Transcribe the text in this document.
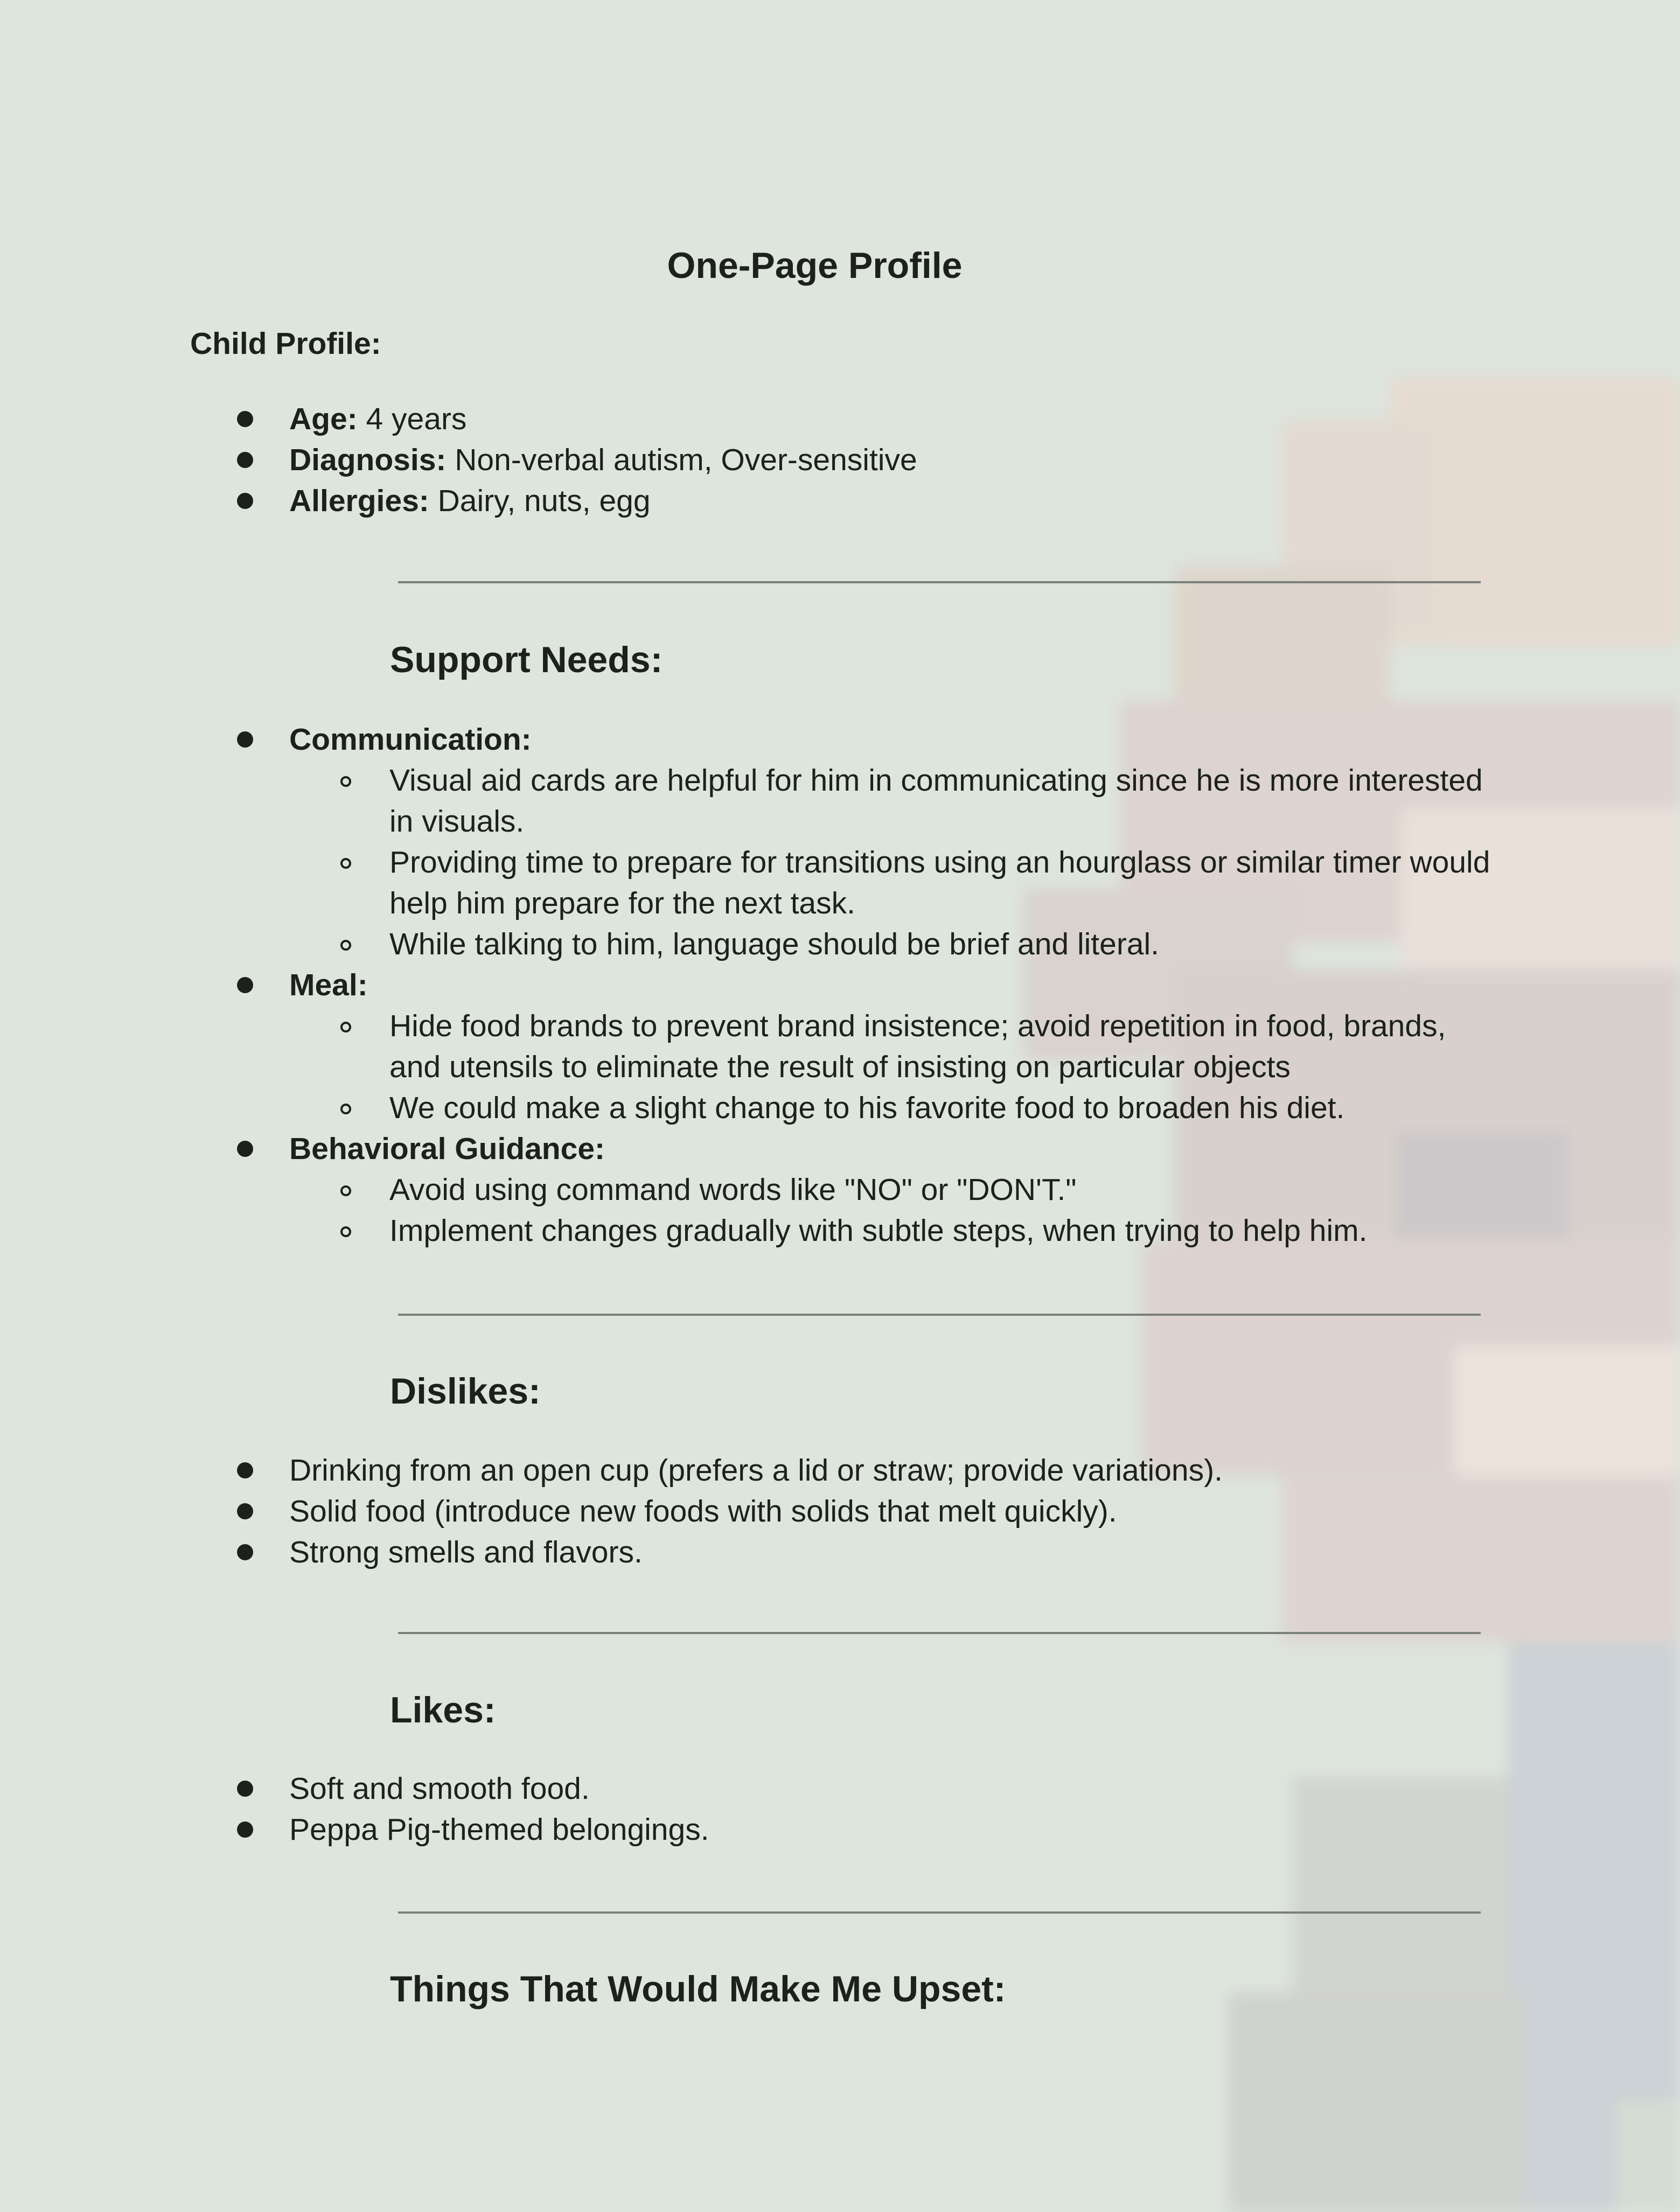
One-Page Profile
Child Profile:
Age: 4 years
Diagnosis: Non-verbal autism, Over-sensitive
Allergies: Dairy, nuts, egg
Support Needs:
Communication:
Visual aid cards are helpful for him in communicating since he is more interested in visuals.
Providing time to prepare for transitions using an hourglass or similar timer would help him prepare for the next task.
While talking to him, language should be brief and literal.
Meal:
Hide food brands to prevent brand insistence; avoid repetition in food, brands, and utensils to eliminate the result of insisting on particular objects
We could make a slight change to his favorite food to broaden his diet.
Behavioral Guidance:
Avoid using command words like "NO" or "DON'T."
Implement changes gradually with subtle steps, when trying to help him.
Dislikes:
Drinking from an open cup (prefers a lid or straw; provide variations).
Solid food (introduce new foods with solids that melt quickly).
Strong smells and flavors.
Likes:
Soft and smooth food.
Peppa Pig-themed belongings.
Things That Would Make Me Upset:
